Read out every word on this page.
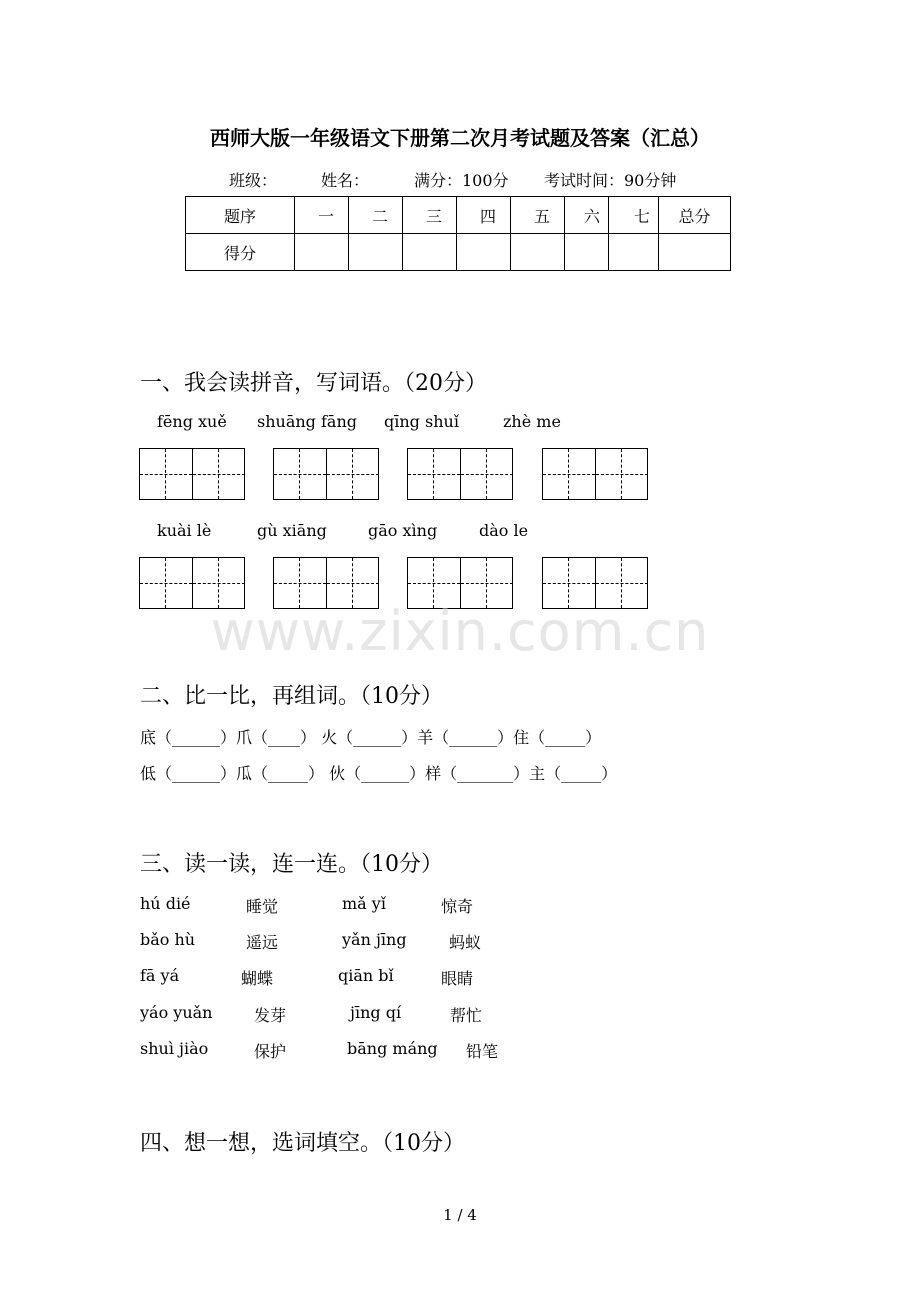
西师大版一年级语文下册第二次月考试题及答案（汇总）
班级：	姓名：	满分：100分 考试时间：90分钟
题序	一	二	三	四	五	六	七	总分
得分								
一、我会读拼音，写词语。（20分）
fēng xuě shuāng fāng qīng shuǐ	zhè me
kuài lè	gù xiāng	gāo xìng	dào le
www.zixin.com.cn
二、比一比，再组词。（10分）
底（______）爪（____） 火（______）羊（______）住（_____）
低（______）瓜（_____） 伙（______）样（_______）主（_____）
三、读一读，连一连。（10分）
hú dié	睡觉	mǎ yǐ	惊奇
bǎo hù	遥远	yǎn jīng	蚂蚁
fā yá	蝴蝶	qiān bǐ	眼睛
yáo yuǎn	发芽	jīng qí	帮忙
shuì jiào	保护	bāng máng 铅笔
四、想一想，选词填空。（10分）
1 / 4
